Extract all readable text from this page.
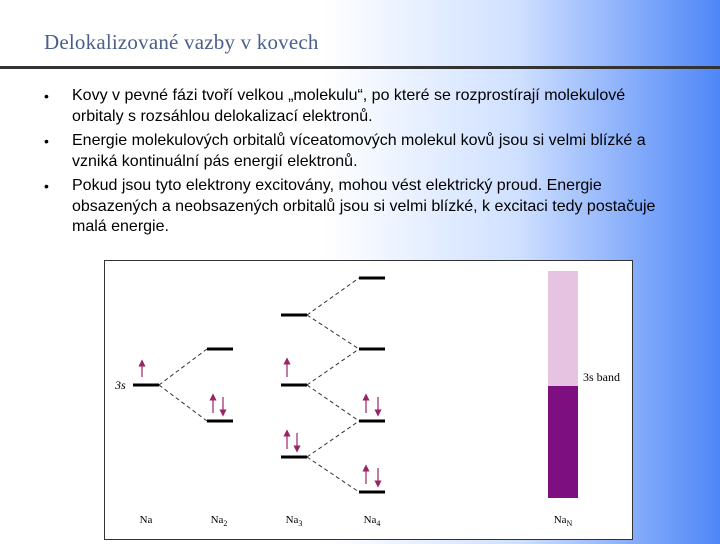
Delokalizované vazby v kovech
• Kovy v pevné fázi tvoří velkou „molekulu“, po které se rozprostírají molekulové orbitaly s rozsáhlou delokalizací elektronů.
• Energie molekulových orbitalů víceatomových molekul kovů jsou si velmi blízké a vzniká kontinuální pás energií elektronů.
• Pokud jsou tyto elektrony excitovány, mohou vést elektrický proud. Energie obsazených a neobsazených orbitalů jsou si velmi blízké, k excitaci tedy postačuje malá energie.
3s
3s band
Na	$Na_2$	$Na_3$	$Na_4$	$Na_N$
